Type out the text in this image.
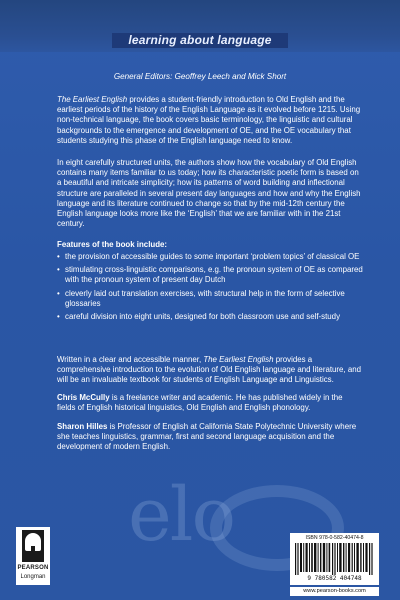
learning about language
General Editors: Geoffrey Leech and Mick Short

The Earliest English provides a student-friendly introduction to Old English and the earliest periods of the history of the English Language as it evolved before 1215. Using non-technical language, the book covers basic terminology, the linguistic and cultural backgrounds to the emergence and development of OE, and the OE vocabulary that students studying this phase of the English language need to know.

In eight carefully structured units, the authors show how the vocabulary of Old English contains many items familiar to us today; how its characteristic poetic form is based on a beautiful and intricate simplicity; how its patterns of word building and inflectional structure are paralleled in several present day languages and how and why the English language and its literature continued to change so that by the mid-12th century the English language looks more like the ‘English’ that we are familiar with in the 21st century.

Features of the book include:
• the provision of accessible guides to some important ‘problem topics’ of classical OE
• stimulating cross-linguistic comparisons, e.g. the pronoun system of OE as compared with the pronoun system of present day Dutch
• cleverly laid out translation exercises, with structural help in the form of selective glossaries
• careful division into eight units, designed for both classroom use and self-study

Written in a clear and accessible manner, The Earliest English provides a comprehensive introduction to the evolution of Old English language and literature, and will be an invaluable textbook for students of English Language and Linguistics.

Chris McCully is a freelance writer and academic. He has published widely in the fields of English historical linguistics, Old English and English phonology.

Sharon Hilles is Professor of English at California State Polytechnic University where she teaches linguistics, grammar, first and second language acquisition and the development of modern English.

elo
PEARSON
Longman
ISBN 978-0-582-40474-8
9 780582 404748
www.pearson-books.com
